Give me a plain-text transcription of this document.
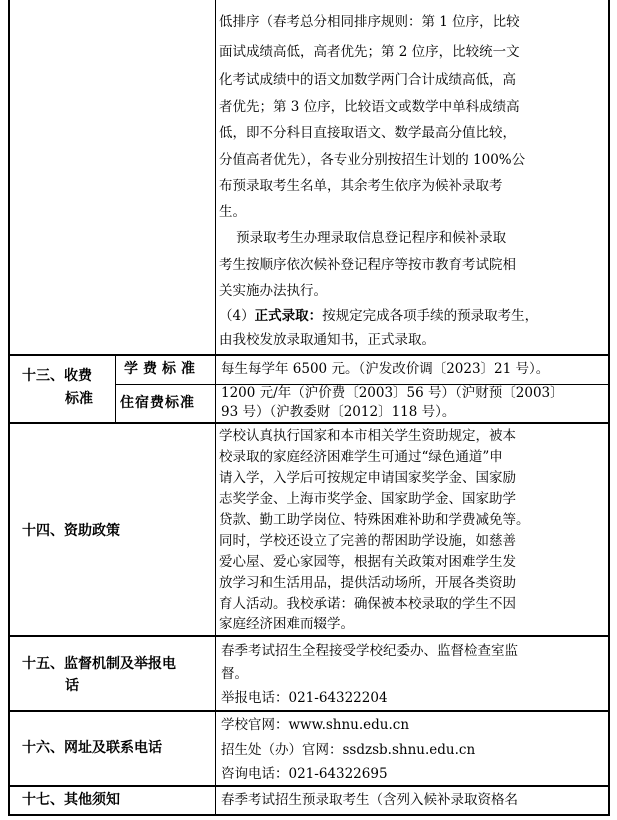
低排序（春考总分相同排序规则：第 1 位序，比较
面试成绩高低，高者优先；第 2 位序，比较统一文
化考试成绩中的语文加数学两门合计成绩高低，高
者优先；第 3 位序，比较语文或数学中单科成绩高
低，即不分科目直接取语文、数学最高分值比较，
分值高者优先），各专业分别按招生计划的 100%公
布预录取考生名单，其余考生依序为候补录取考
生。
预录取考生办理录取信息登记程序和候补录取
考生按顺序依次候补登记程序等按市教育考试院相
关实施办法执行。
（4）正式录取：按规定完成各项手续的预录取考生，
由我校发放录取通知书，正式录取。
十三、收费
标准
学费标准 每生每学年 6500 元。（沪发改价调〔2023〕21 号）。
住宿费标准
1200 元/年（沪价费〔2003〕56 号）（沪财预〔2003〕
93 号）（沪教委财〔2012〕118 号）。
十四、资助政策
学校认真执行国家和本市相关学生资助规定，被本
校录取的家庭经济困难学生可通过“绿色通道”申
请入学，入学后可按规定申请国家奖学金、国家励
志奖学金、上海市奖学金、国家助学金、国家助学
贷款、勤工助学岗位、特殊困难补助和学费减免等。
同时，学校还设立了完善的帮困助学设施，如慈善
爱心屋、爱心家园等，根据有关政策对困难学生发
放学习和生活用品，提供活动场所，开展各类资助
育人活动。我校承诺：确保被本校录取的学生不因
家庭经济困难而辍学。
十五、监督机制及举报电
话
春季考试招生全程接受学校纪委办、监督检查室监
督。
举报电话：021-64322204
十六、网址及联系电话
学校官网：www.shnu.edu.cn
招生处（办）官网：ssdzsb.shnu.edu.cn
咨询电话：021-64322695
十七、其他须知	春季考试招生预录取考生（含列入候补录取资格名
